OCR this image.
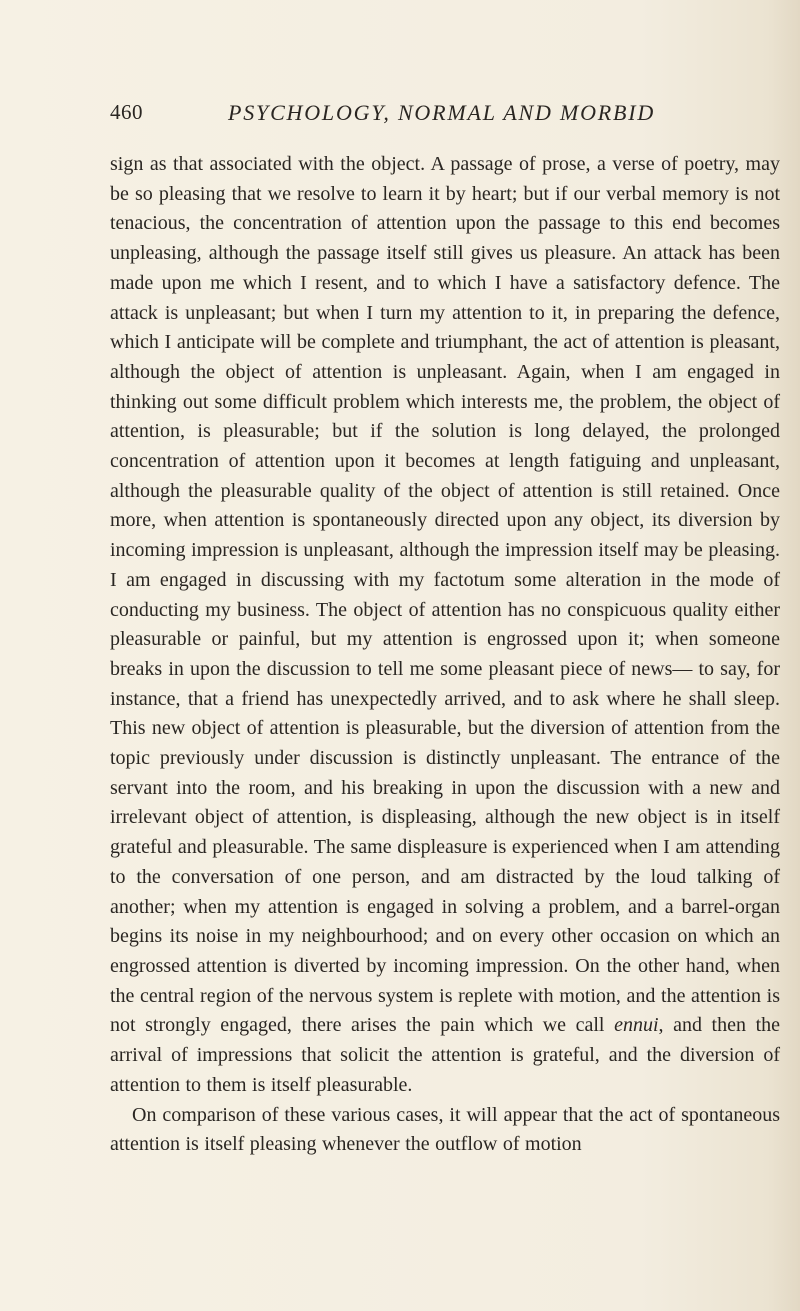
460	PSYCHOLOGY, NORMAL AND MORBID

sign as that associated with the object. A passage of prose, a verse of poetry, may be so pleasing that we resolve to learn it by heart; but if our verbal memory is not tenacious, the concentration of attention upon the passage to this end becomes unpleasing, although the passage itself still gives us pleasure. An attack has been made upon me which I resent, and to which I have a satisfactory defence. The attack is unpleasant; but when I turn my attention to it, in preparing the defence, which I anticipate will be complete and triumphant, the act of attention is pleasant, although the object of attention is unpleasant. Again, when I am engaged in thinking out some difficult problem which interests me, the problem, the object of attention, is pleasurable; but if the solution is long delayed, the prolonged concentration of attention upon it becomes at length fatiguing and unpleasant, although the pleasurable quality of the object of attention is still retained. Once more, when attention is spontaneously directed upon any object, its diversion by incoming impression is unpleasant, although the impression itself may be pleasing. I am engaged in discussing with my factotum some alteration in the mode of conducting my business. The object of attention has no conspicuous quality either pleasurable or painful, but my attention is engrossed upon it; when someone breaks in upon the discussion to tell me some pleasant piece of news— to say, for instance, that a friend has unexpectedly arrived, and to ask where he shall sleep. This new object of attention is pleasurable, but the diversion of attention from the topic previously under discussion is distinctly unpleasant. The entrance of the servant into the room, and his breaking in upon the discussion with a new and irrelevant object of attention, is displeasing, although the new object is in itself grateful and pleasurable. The same displeasure is experienced when I am attending to the conversation of one person, and am distracted by the loud talking of another; when my attention is engaged in solving a problem, and a barrel-organ begins its noise in my neighbourhood; and on every other occasion on which an engrossed attention is diverted by incoming impression. On the other hand, when the central region of the nervous system is replete with motion, and the attention is not strongly engaged, there arises the pain which we call ennui, and then the arrival of impressions that solicit the attention is grateful, and the diversion of attention to them is itself pleasurable.

On comparison of these various cases, it will appear that the act of spontaneous attention is itself pleasing whenever the outflow of motion
